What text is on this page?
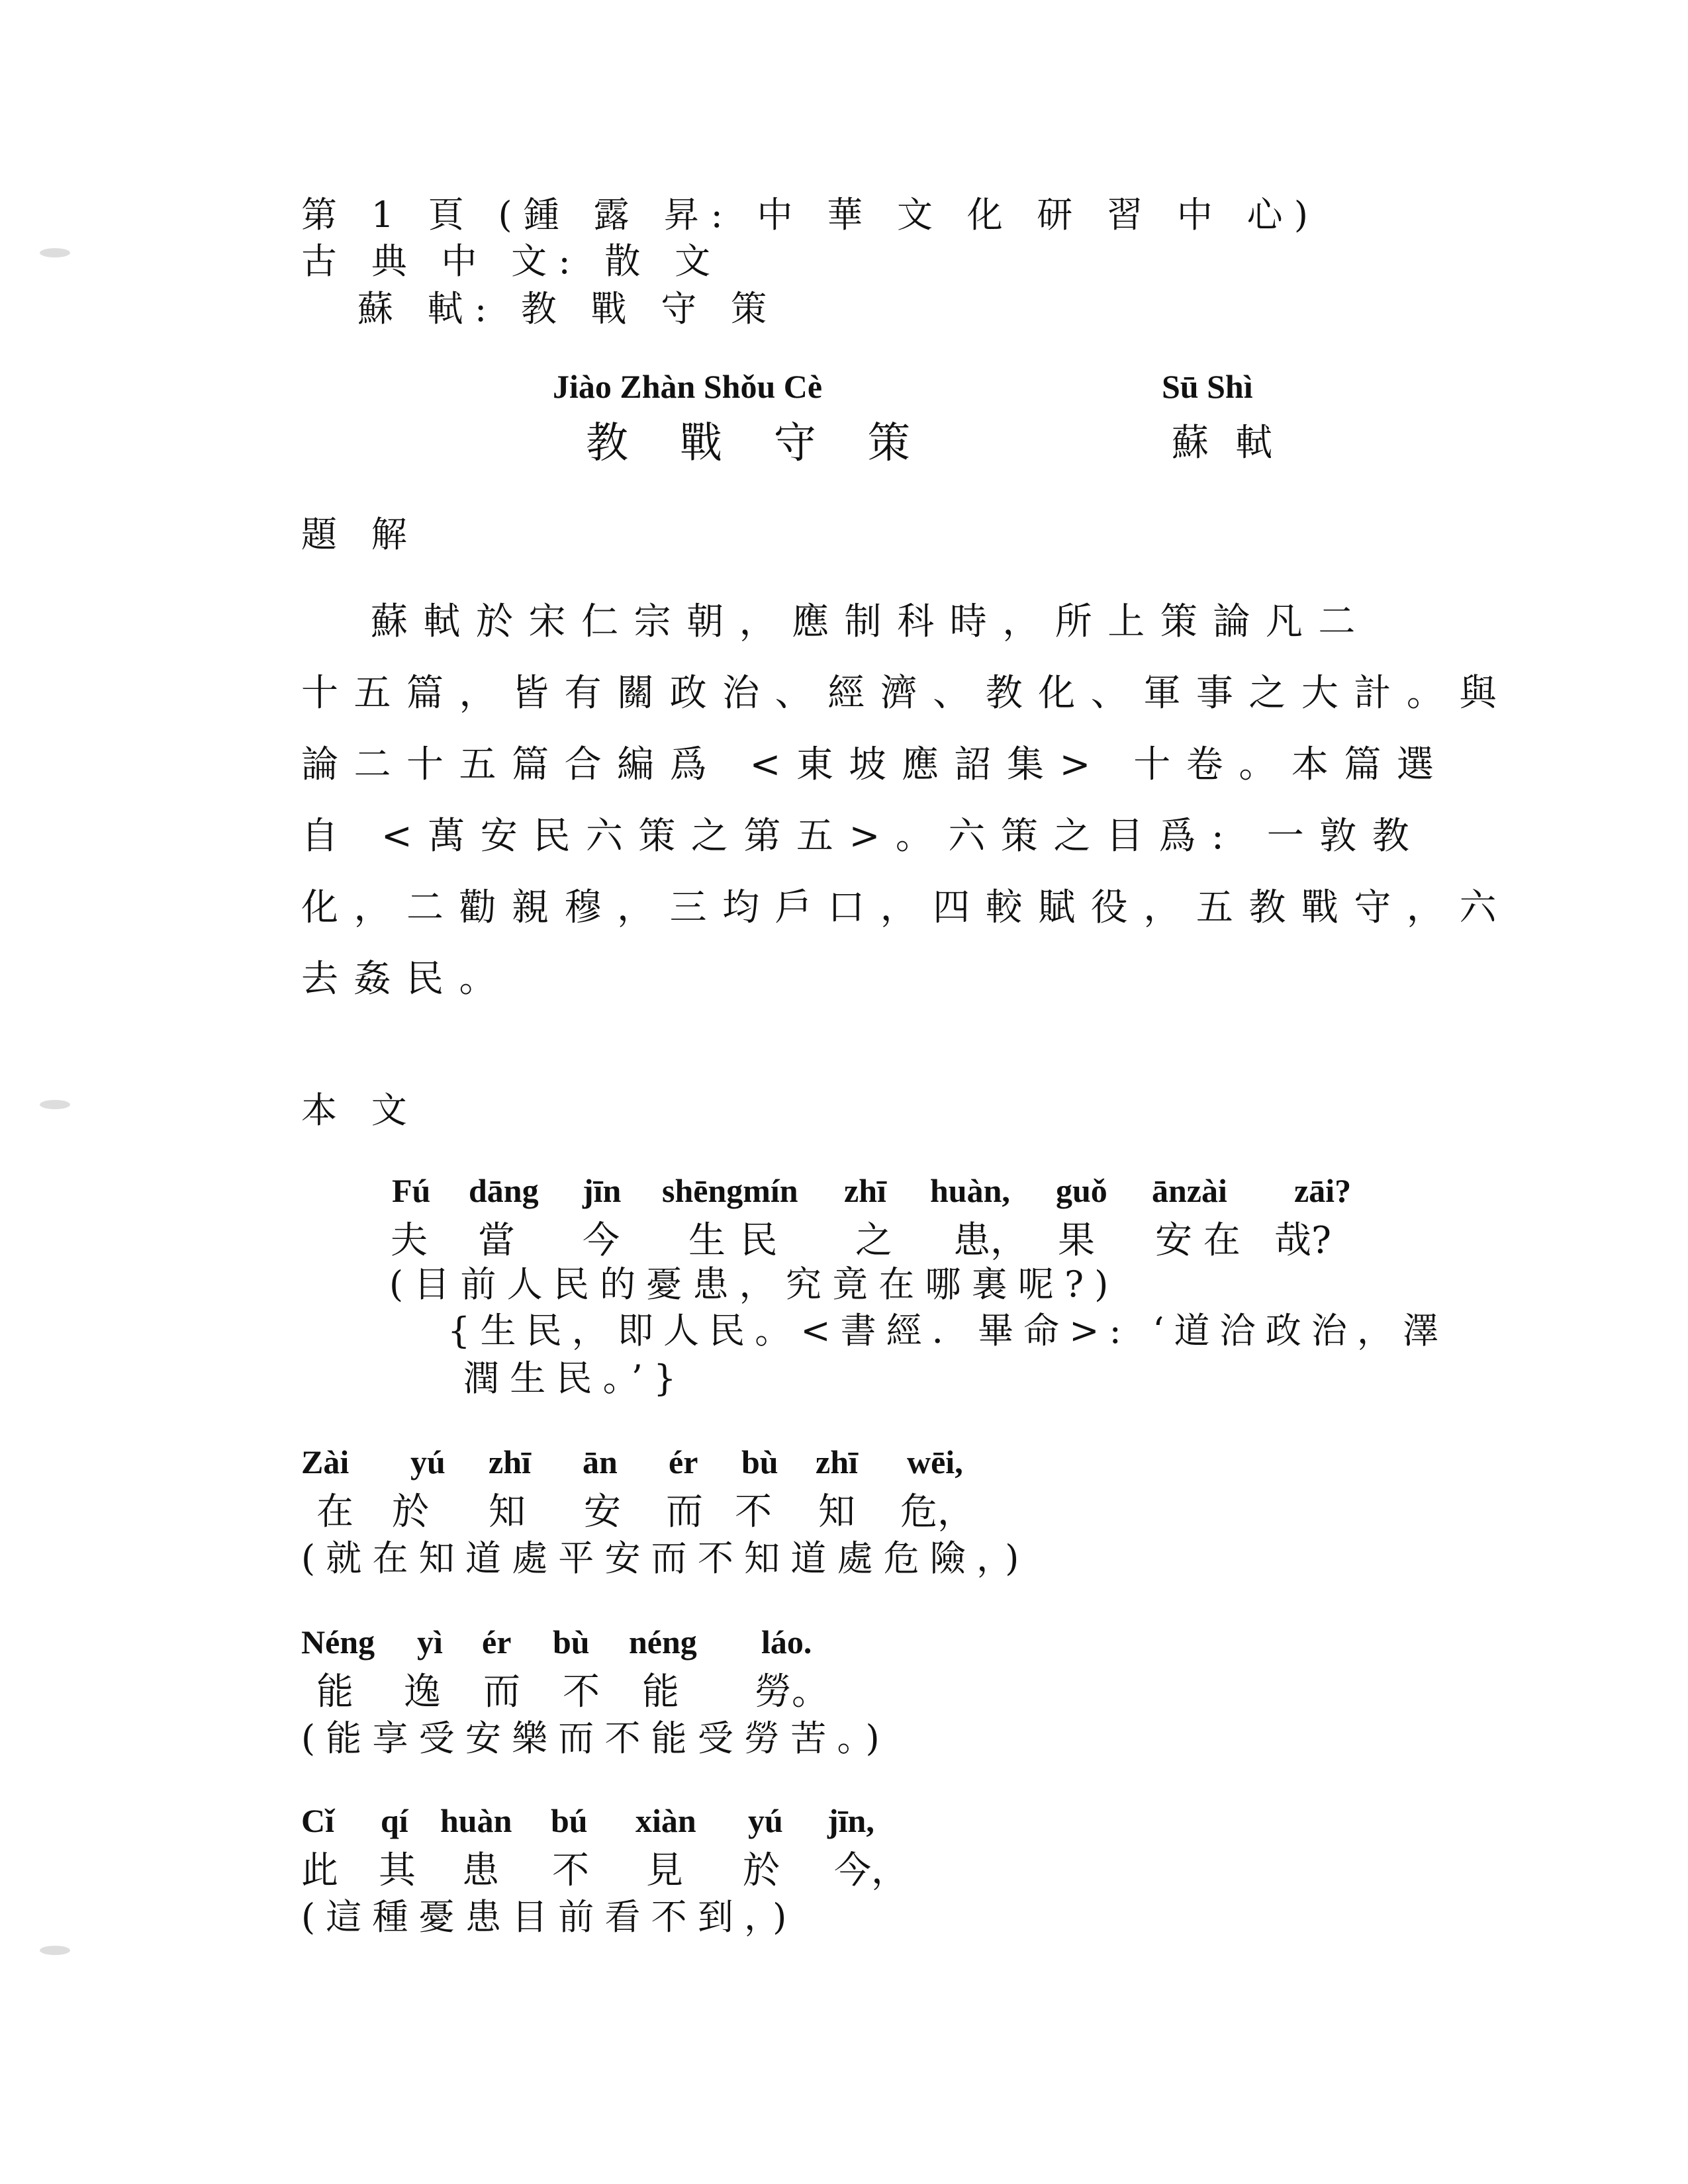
第 1 頁 (鍾 露 昇: 中 華 文 化 研 習 中 心)
古 典 中 文: 散 文
蘇 軾: 教 戰 守 策
Jiào Zhàn Shǒu Cè
教 戰 守 策
Sū Shì
蘇 軾
題 解
蘇軾於宋仁宗朝，應制科時，所上策論凡二
十五篇，皆有關政治、經濟、教化、軍事之大計。與
論二十五篇合編爲 <東坡應詔集> 十卷。本篇選
自 <萬安民六策之第五>。六策之目爲: 一敦教
化，二勸親穆，三均戶口，四較賦役，五教戰守，六
去姦民。
本 文
Fú dāng jīn shēngmín zhī huàn, guǒ ānzài zāi?
夫 當 今 生民 之 患， 果 安在 哉?
(目前人民的憂患，究竟在哪裏呢?)
{生民，即人民。<書經．畢命>: ‘道洽政治，澤
潤生民。’}
Zài yú zhī ān ér bù zhī wēi,
在 於 知 安 而 不 知 危，
(就在知道處平安而不知道處危險，)
Néng yì ér bù néng láo.
能 逸 而 不 能 勞。
(能享受安樂而不能受勞苦。)
Cǐ qí huàn bú xiàn yú jīn,
此 其 患 不 見 於 今，
(這種憂患目前看不到，)
